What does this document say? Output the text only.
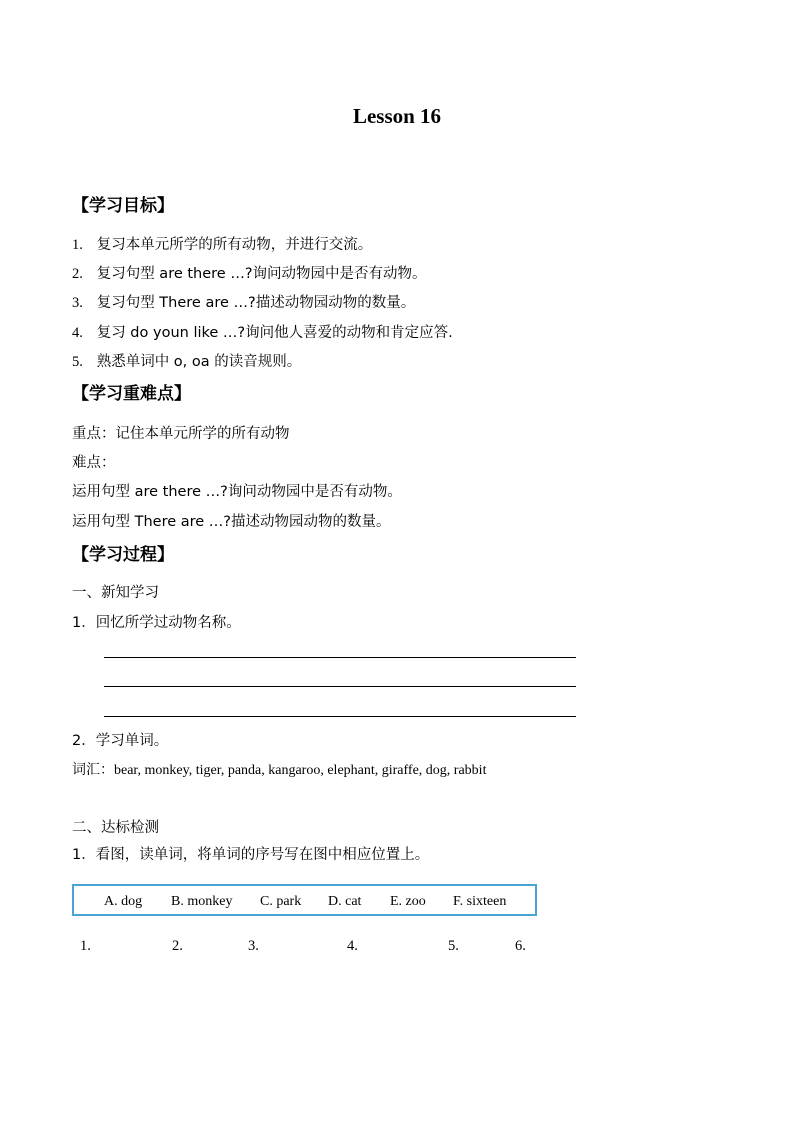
Lesson 16
【学习目标】
1. 复习本单元所学的所有动物，并进行交流。
2. 复习句型 are there …?询问动物园中是否有动物。
3. 复习句型 There are …?描述动物园动物的数量。
4. 复习 do youn like …?询问他人喜爱的动物和肯定应答.
5. 熟悉单词中 o, oa 的读音规则。
【学习重难点】
重点：记住本单元所学的所有动物
难点：
运用句型 are there …?询问动物园中是否有动物。
运用句型 There are …?描述动物园动物的数量。
【学习过程】
一、新知学习
1．回忆所学过动物名称。
2．学习单词。
词汇：bear, monkey, tiger, panda, kangaroo, elephant, giraffe, dog, rabbit
二、达标检测
1．看图，读单词，将单词的序号写在图中相应位置上。
A. dog B. monkey C. park D. cat E. zoo F. sixteen
1.	2.	3.	4.	5.	6.
